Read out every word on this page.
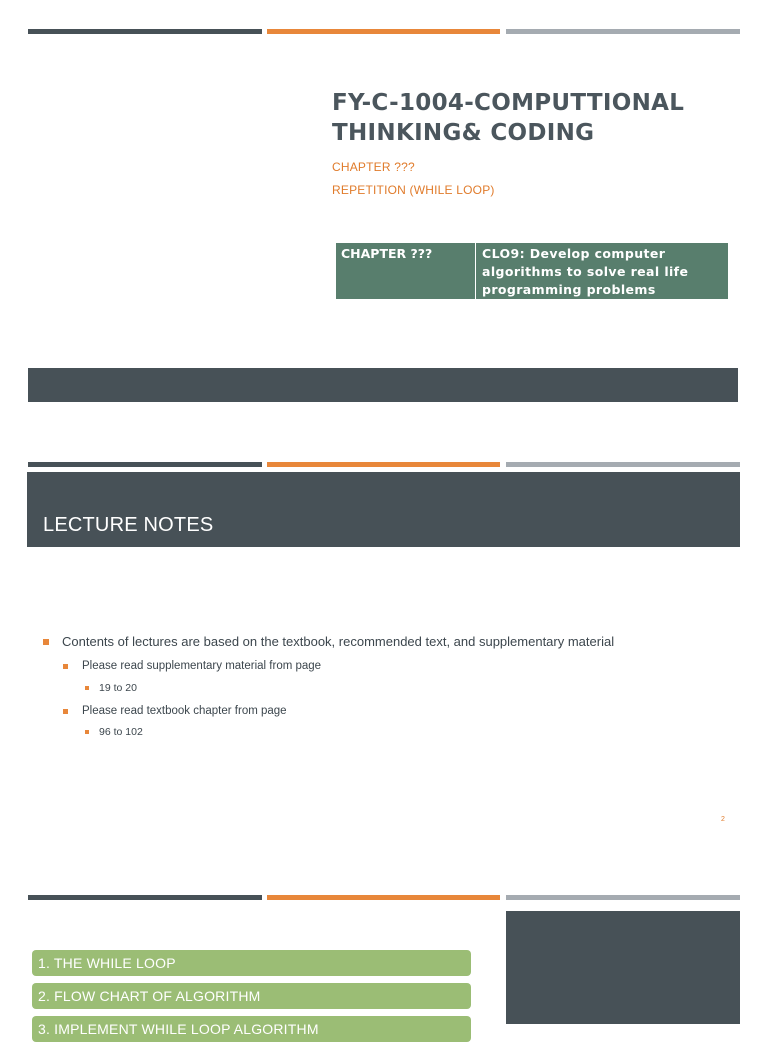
FY-C-1004-COMPUTTIONAL
THINKING& CODING
CHAPTER ???
REPETITION (WHILE LOOP)
CHAPTER ???	CLO9: Develop computer
algorithms to solve real life
programming problems
LECTURE NOTES
Contents of lectures are based on the textbook, recommended text, and supplementary material
Please read supplementary material from page
19 to 20
Please read textbook chapter from page
96 to 102
2
1. THE WHILE LOOP
2. FLOW CHART OF ALGORITHM
3. IMPLEMENT WHILE LOOP ALGORITHM
